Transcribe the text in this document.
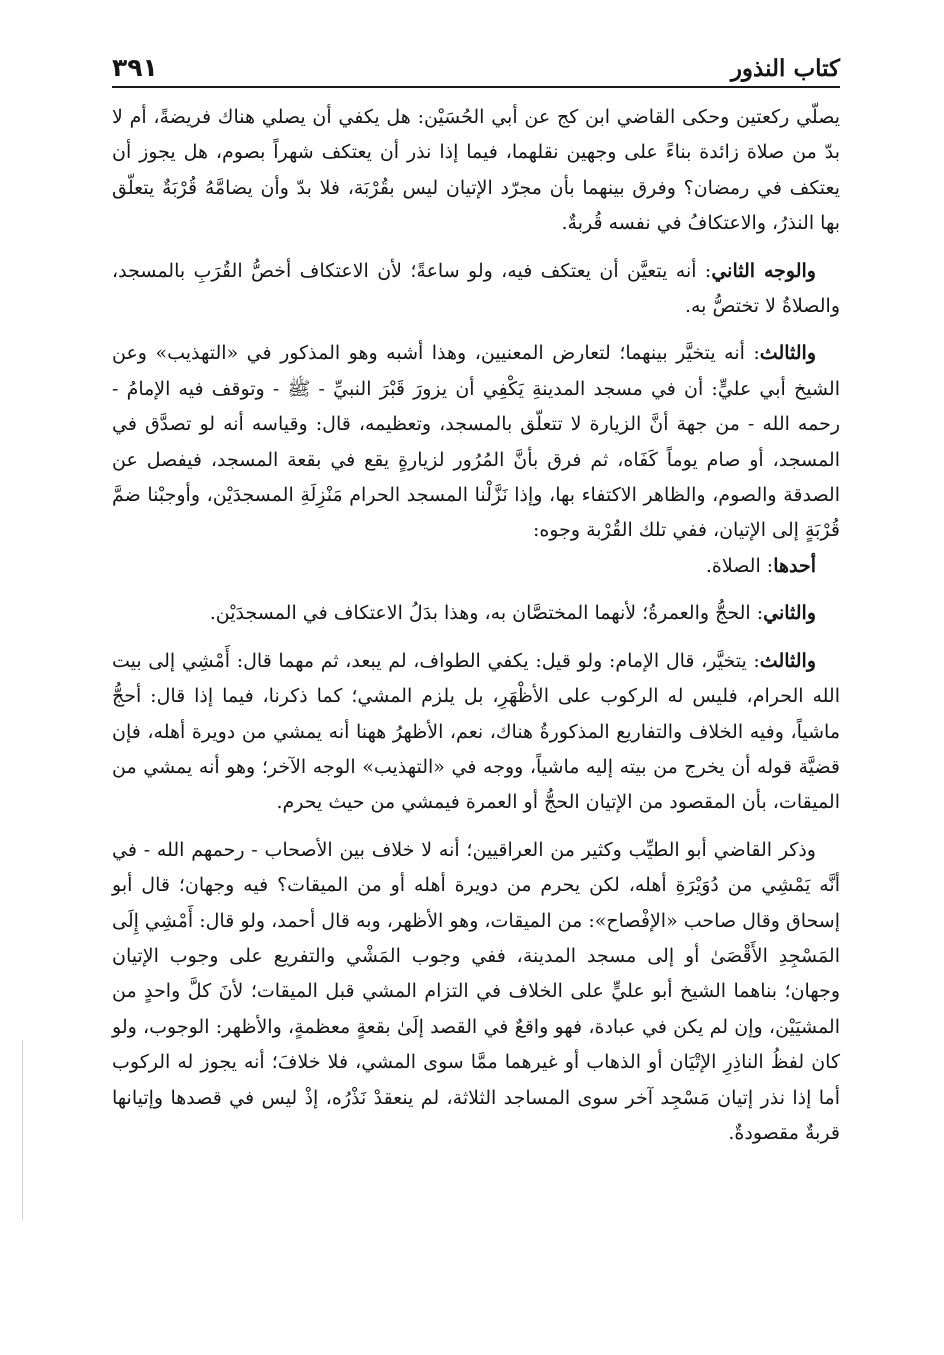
كتاب النذور
٣٩١

يصلّي ركعتين وحكى القاضي ابن كج عن أبي الحُسَيْن: هل يكفي أن يصلي هناك فريضةً، أم لا بدّ من صلاة زائدة بناءً على وجهين نقلهما، فيما إذا نذر أن يعتكف شهراً بصوم، هل يجوز أن يعتكف في رمضان؟ وفرق بينهما بأن مجرّد الإتيان ليس بقُرْبَة، فلا بدّ وأن يضامَّهُ قُرْبَةٌ يتعلّق بها النذرُ، والاعتكافُ في نفسه قُربةٌ.

والوجه الثاني: أنه يتعيَّن أن يعتكف فيه، ولو ساعةً؛ لأن الاعتكاف أخصُّ القُرَبِ بالمسجد، والصلاةُ لا تختصُّ به.

والثالث: أنه يتخيَّر بينهما؛ لتعارض المعنيين، وهذا أشبه وهو المذكور في «التهذيب» وعن الشيخ أبي عليٍّ: أن في مسجد المدينةِ يَكْفِي أن يزورَ قَبْرَ النبيِّ - ﷺ - وتوقف فيه الإمامُ - رحمه الله - من جهة أنَّ الزيارة لا تتعلّق بالمسجد، وتعظيمه، قال: وقياسه أنه لو تصدَّق في المسجد، أو صام يوماً كَفَاه، ثم فرق بأنَّ المُرُور لزيارةٍ يقع في بقعة المسجد، فيفصل عن الصدقة والصوم، والظاهر الاكتفاء بها، وإذا نَزَّلْنا المسجد الحرام مَنْزِلَةِ المسجدَيْن، وأوجبْنا ضمَّ قُرْبَةٍ إلى الإتيان، ففي تلك القُرْبة وجوه:

أحدها: الصلاة.

والثاني: الحجُّ والعمرةُ؛ لأنهما المختصَّان به، وهذا بدَلُ الاعتكاف في المسجدَيْن.

والثالث: يتخيَّر، قال الإمام: ولو قيل: يكفي الطواف، لم يبعد، ثم مهما قال: أَمْشِي إلى بيت الله الحرام، فليس له الركوب على الأظْهَرِ، بل يلزم المشي؛ كما ذكرنا، فيما إذا قال: أحجُّ ماشياً، وفيه الخلاف والتفاريع المذكورةُ هناك، نعم، الأظهرُ ههنا أنه يمشي من دويرة أهله، فإن قضيَّة قوله أن يخرج من بيته إليه ماشياً، ووجه في «التهذيب» الوجه الآخر؛ وهو أنه يمشي من الميقات، بأن المقصود من الإتيان الحجُّ أو العمرة فيمشي من حيث يحرم.

وذكر القاضي أبو الطيِّب وكثير من العراقيين؛ أنه لا خلاف بين الأصحاب - رحمهم الله - في أنَّه يَمْشِي من دُوَيْرَةِ أهله، لكن يحرم من دويرة أهله أو من الميقات؟ فيه وجهان؛ قال أبو إسحاق وقال صاحب «الإفْصاح»: من الميقات، وهو الأظهر، وبه قال أحمد، ولو قال: أَمْشِي إِلَى المَسْجِدِ الأَقْصَىٰ أو إلى مسجد المدينة، ففي وجوب المَشْي والتفريع على وجوب الإتيان وجهان؛ بناهما الشيخ أبو عليٍّ على الخلاف في التزام المشي قبل الميقات؛ لأنَ كلَّ واحدٍ من المشيَيْن، وإن لم يكن في عبادة، فهو واقعٌ في القصد إلَىٰ بقعةٍ معظمةٍ، والأظهر: الوجوب، ولو كان لفظُ الناذِرِ الإتْيَان أو الذهاب أو غيرهما ممَّا سوى المشي، فلا خلافَ؛ أنه يجوز له الركوب أما إذا نذر إتيان مَسْجِد آخر سوى المساجد الثلاثة، لم ينعقدْ نَذْرُه، إذْ ليس في قصدها وإتيانها قربةٌ مقصودةٌ.
